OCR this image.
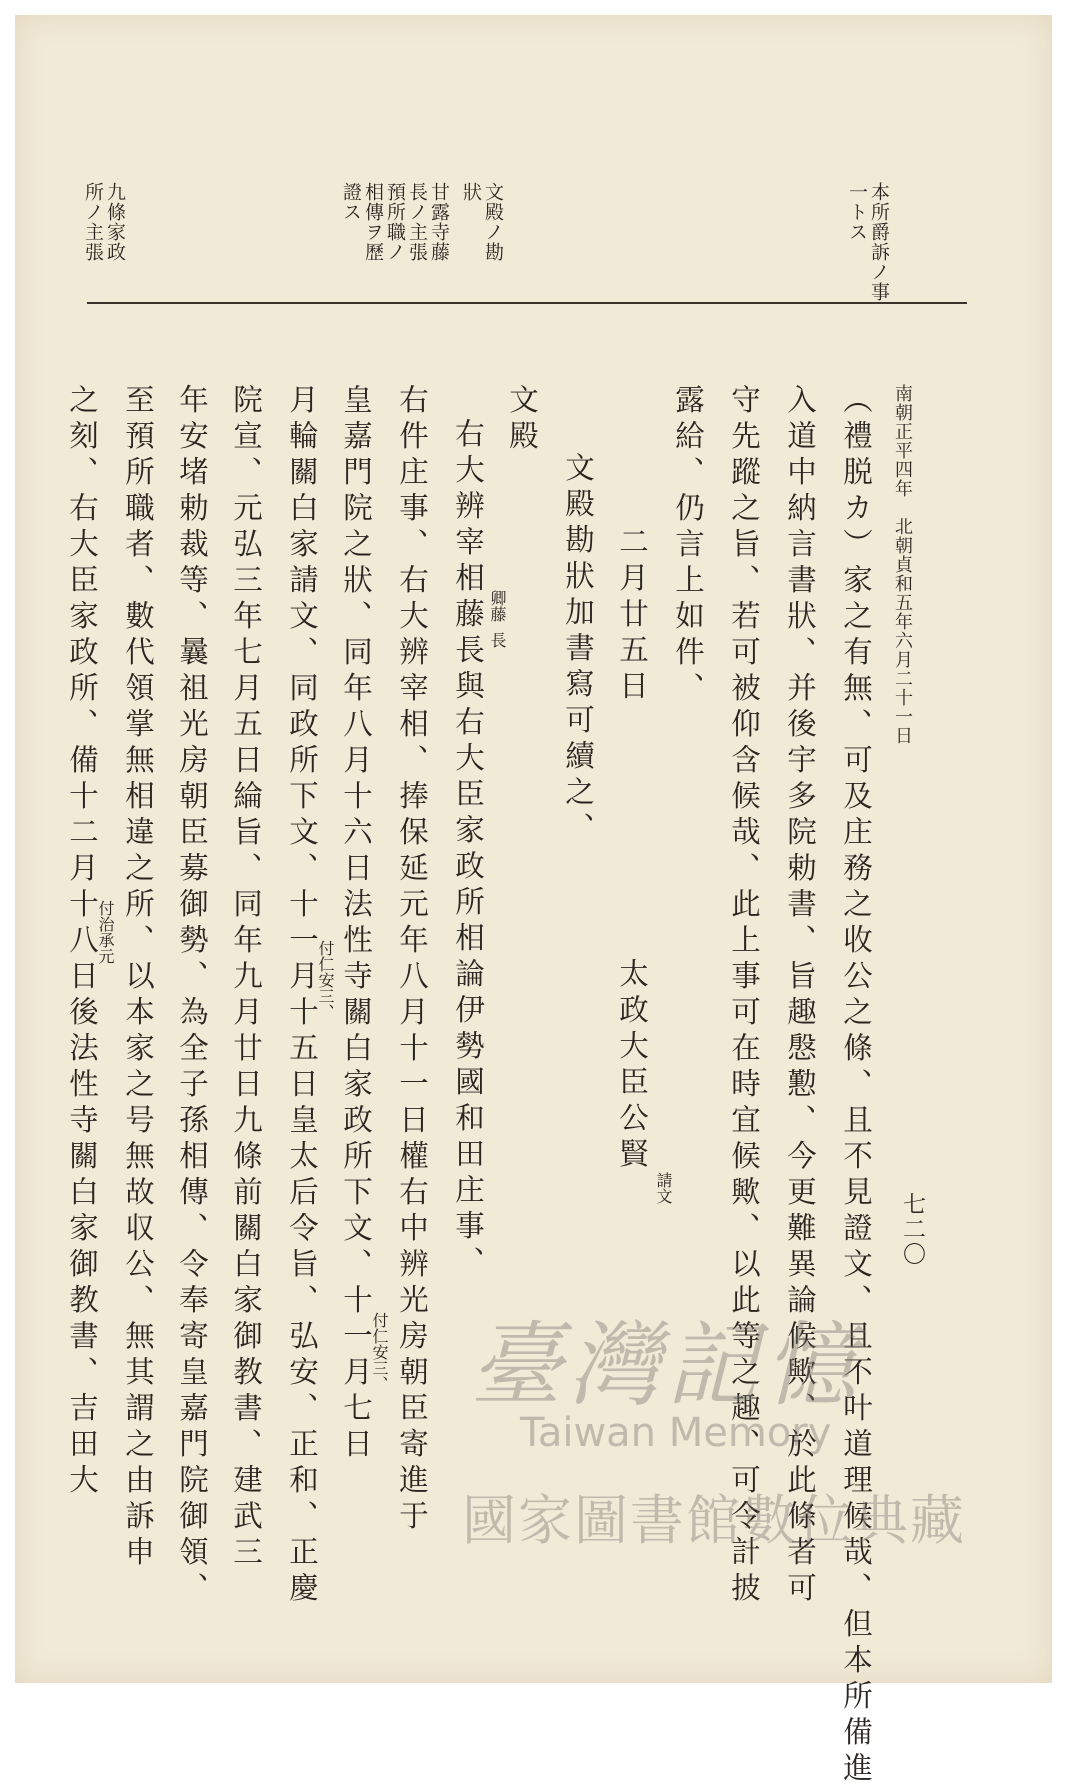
本所爵訴ノ事一トス
文殿ノ勘狀
甘露寺藤長ノ主張
預所職ノ相傳ヲ歷證ス
九條家政所ノ主張
南朝正平四年　北朝貞和五年六月二十一日
七二〇
（禮脱カ）家之有無、可及庄務之收公之條、且不見證文、且不叶道理候哉、但本所備進
入道中納言書狀、并後宇多院勅書、旨趣慇懃、今更難異論候歟、於此條者可
守先蹤之旨、若可被仰含候哉、此上事可在時宜候歟、以此等之趣、可令計披
露給、仍言上如件、
二月廿五日　　　　　　　太政大臣公賢
文殿勘狀加書寫可續之、
文殿
右大辨宰相藤長與右大臣家政所相論伊勢國和田庄事、
右件庄事、右大辨宰相、捧保延元年八月十一日權右中辨光房朝臣寄進于
皇嘉門院之狀、同年八月十六日法性寺關白家政所下文、十一月七日
月輪關白家請文、同政所下文、十一月十五日皇太后令旨、弘安、正和、正慶
院宣、元弘三年七月五日綸旨、同年九月廿日九條前關白家御教書、建武三
年安堵勅裁等、曩祖光房朝臣募御勢、為全子孫相傳、令奉寄皇嘉門院御領、
至預所職者、數代領掌無相違之所、以本家之号無故収公、無其謂之由訴申
之刻、右大臣家政所、備十二月十八日後法性寺關白家御教書、吉田大	卿藤
長
請文
付仁安三、
付仁安三、
付治承元
臺灣記憶
Taiwan Memory
國家圖書館數位典藏
